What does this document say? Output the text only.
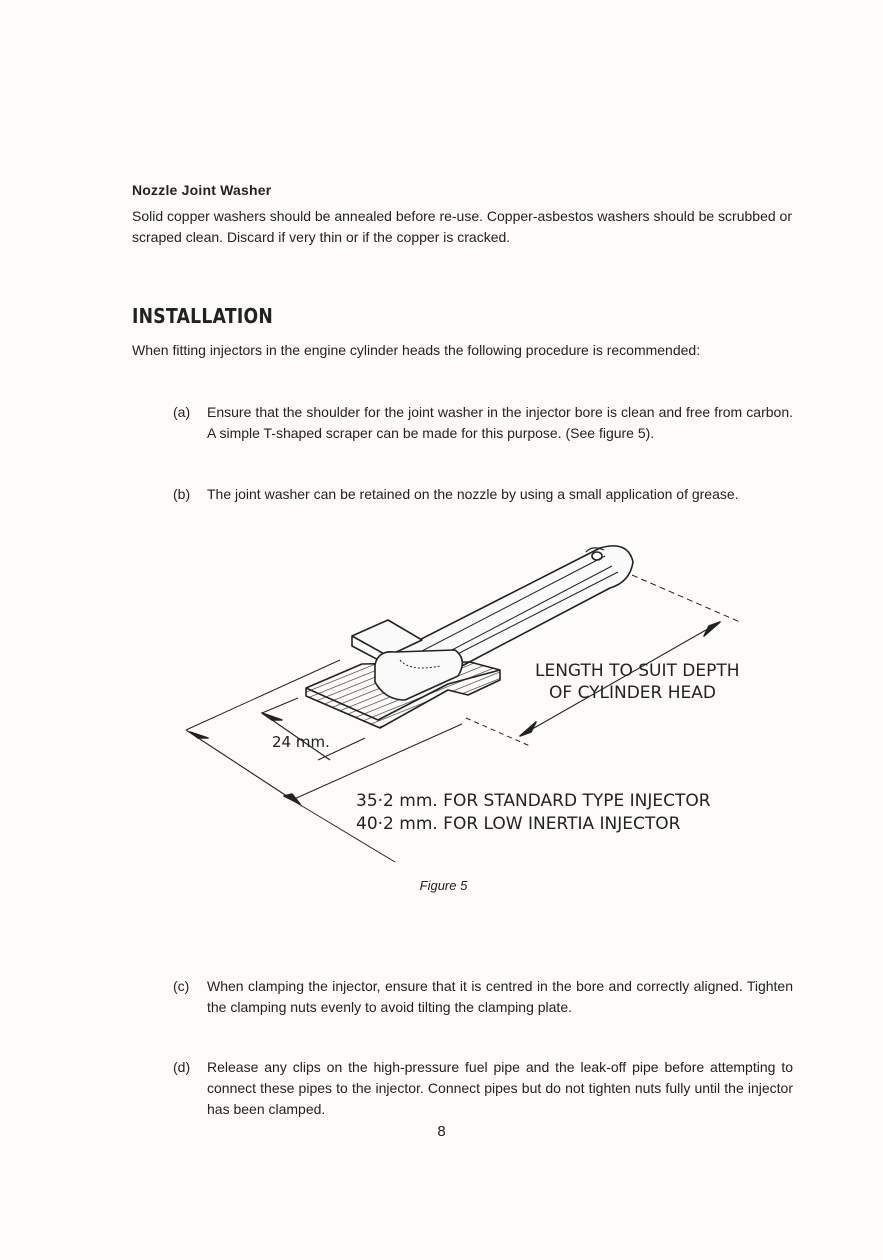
Nozzle Joint Washer
Solid copper washers should be annealed before re-use. Copper-asbestos washers should be scrubbed or scraped clean. Discard if very thin or if the copper is cracked.
INSTALLATION
When fitting injectors in the engine cylinder heads the following procedure is recommended:
(a)	Ensure that the shoulder for the joint washer in the injector bore is clean and free from carbon. A simple T-shaped scraper can be made for this purpose. (See figure 5).
(b)	The joint washer can be retained on the nozzle by using a small application of grease.
LENGTH TO SUIT DEPTH
OF CYLINDER HEAD
24 mm.
35·2 mm. FOR STANDARD TYPE INJECTOR
40·2 mm. FOR LOW INERTIA INJECTOR
Figure 5
(c)	When clamping the injector, ensure that it is centred in the bore and correctly aligned. Tighten the clamping nuts evenly to avoid tilting the clamping plate.
(d)	Release any clips on the high-pressure fuel pipe and the leak-off pipe before attempting to connect these pipes to the injector. Connect pipes but do not tighten nuts fully until the injector has been clamped.
8
